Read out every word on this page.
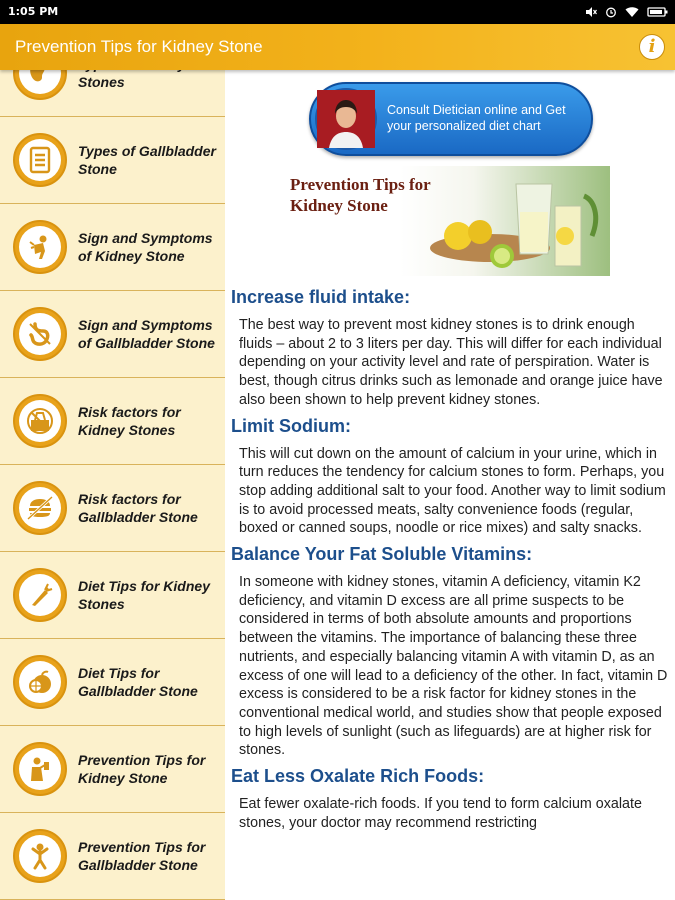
1:05 PM
Prevention Tips for Kidney Stone	i
Stones
Types of Gallbladder Stone
Sign and Symptoms of Kidney Stone
Sign and Symptoms of Gallbladder Stone
Risk factors for Kidney Stones
Risk factors for Gallbladder Stone
Diet Tips for Kidney Stones
Diet Tips for Gallbladder Stone
Prevention Tips for Kidney Stone
Prevention Tips for Gallbladder Stone
Consult Dietician online and Get your personalized diet chart
Prevention Tips for Kidney Stone
Increase fluid intake:

The best way to prevent most kidney stones is to drink enough fluids – about 2 to 3 liters per day. This will differ for each individual depending on your activity level and rate of perspiration. Water is best, though citrus drinks such as lemonade and orange juice have also been shown to help prevent kidney stones.

Limit Sodium:

This will cut down on the amount of calcium in your urine, which in turn reduces the tendency for calcium stones to form. Perhaps, you stop adding additional salt to your food. Another way to limit sodium is to avoid processed meats, salty convenience foods (regular, boxed or canned soups, noodle or rice mixes) and salty snacks.

Balance Your Fat Soluble Vitamins:

In someone with kidney stones, vitamin A deficiency, vitamin K2 deficiency, and vitamin D excess are all prime suspects to be considered in terms of both absolute amounts and proportions between the vitamins. The importance of balancing these three nutrients, and especially balancing vitamin A with vitamin D, as an excess of one will lead to a deficiency of the other. In fact, vitamin D excess is considered to be a risk factor for kidney stones in the conventional medical world, and studies show that people exposed to high levels of sunlight (such as lifeguards) are at higher risk for stones.

Eat Less Oxalate Rich Foods:

Eat fewer oxalate-rich foods. If you tend to form calcium oxalate stones, your doctor may recommend restricting
